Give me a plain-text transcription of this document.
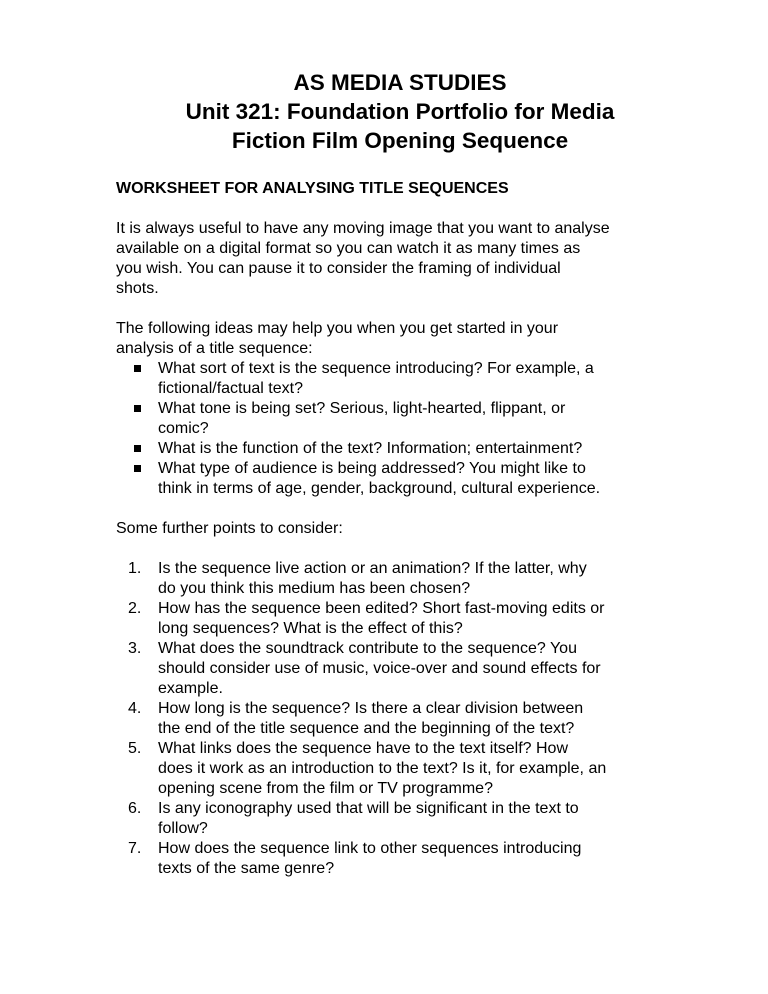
AS MEDIA STUDIES
Unit 321: Foundation Portfolio for Media
Fiction Film Opening Sequence
WORKSHEET FOR ANALYSING TITLE SEQUENCES
It is always useful to have any moving image that you want to analyse
available on a digital format so you can watch it as many times as
you wish. You can pause it to consider the framing of individual
shots.
The following ideas may help you when you get started in your
analysis of a title sequence:
What sort of text is the sequence introducing? For example, a
fictional/factual text?
What tone is being set? Serious, light-hearted, flippant, or
comic?
What is the function of the text? Information; entertainment?
What type of audience is being addressed? You might like to
think in terms of age, gender, background, cultural experience.
Some further points to consider:
1. Is the sequence live action or an animation? If the latter, why
do you think this medium has been chosen?
2. How has the sequence been edited? Short fast-moving edits or
long sequences? What is the effect of this?
3. What does the soundtrack contribute to the sequence? You
should consider use of music, voice-over and sound effects for
example.
4. How long is the sequence? Is there a clear division between
the end of the title sequence and the beginning of the text?
5. What links does the sequence have to the text itself? How
does it work as an introduction to the text? Is it, for example, an
opening scene from the film or TV programme?
6. Is any iconography used that will be significant in the text to
follow?
7. How does the sequence link to other sequences introducing
texts of the same genre?
